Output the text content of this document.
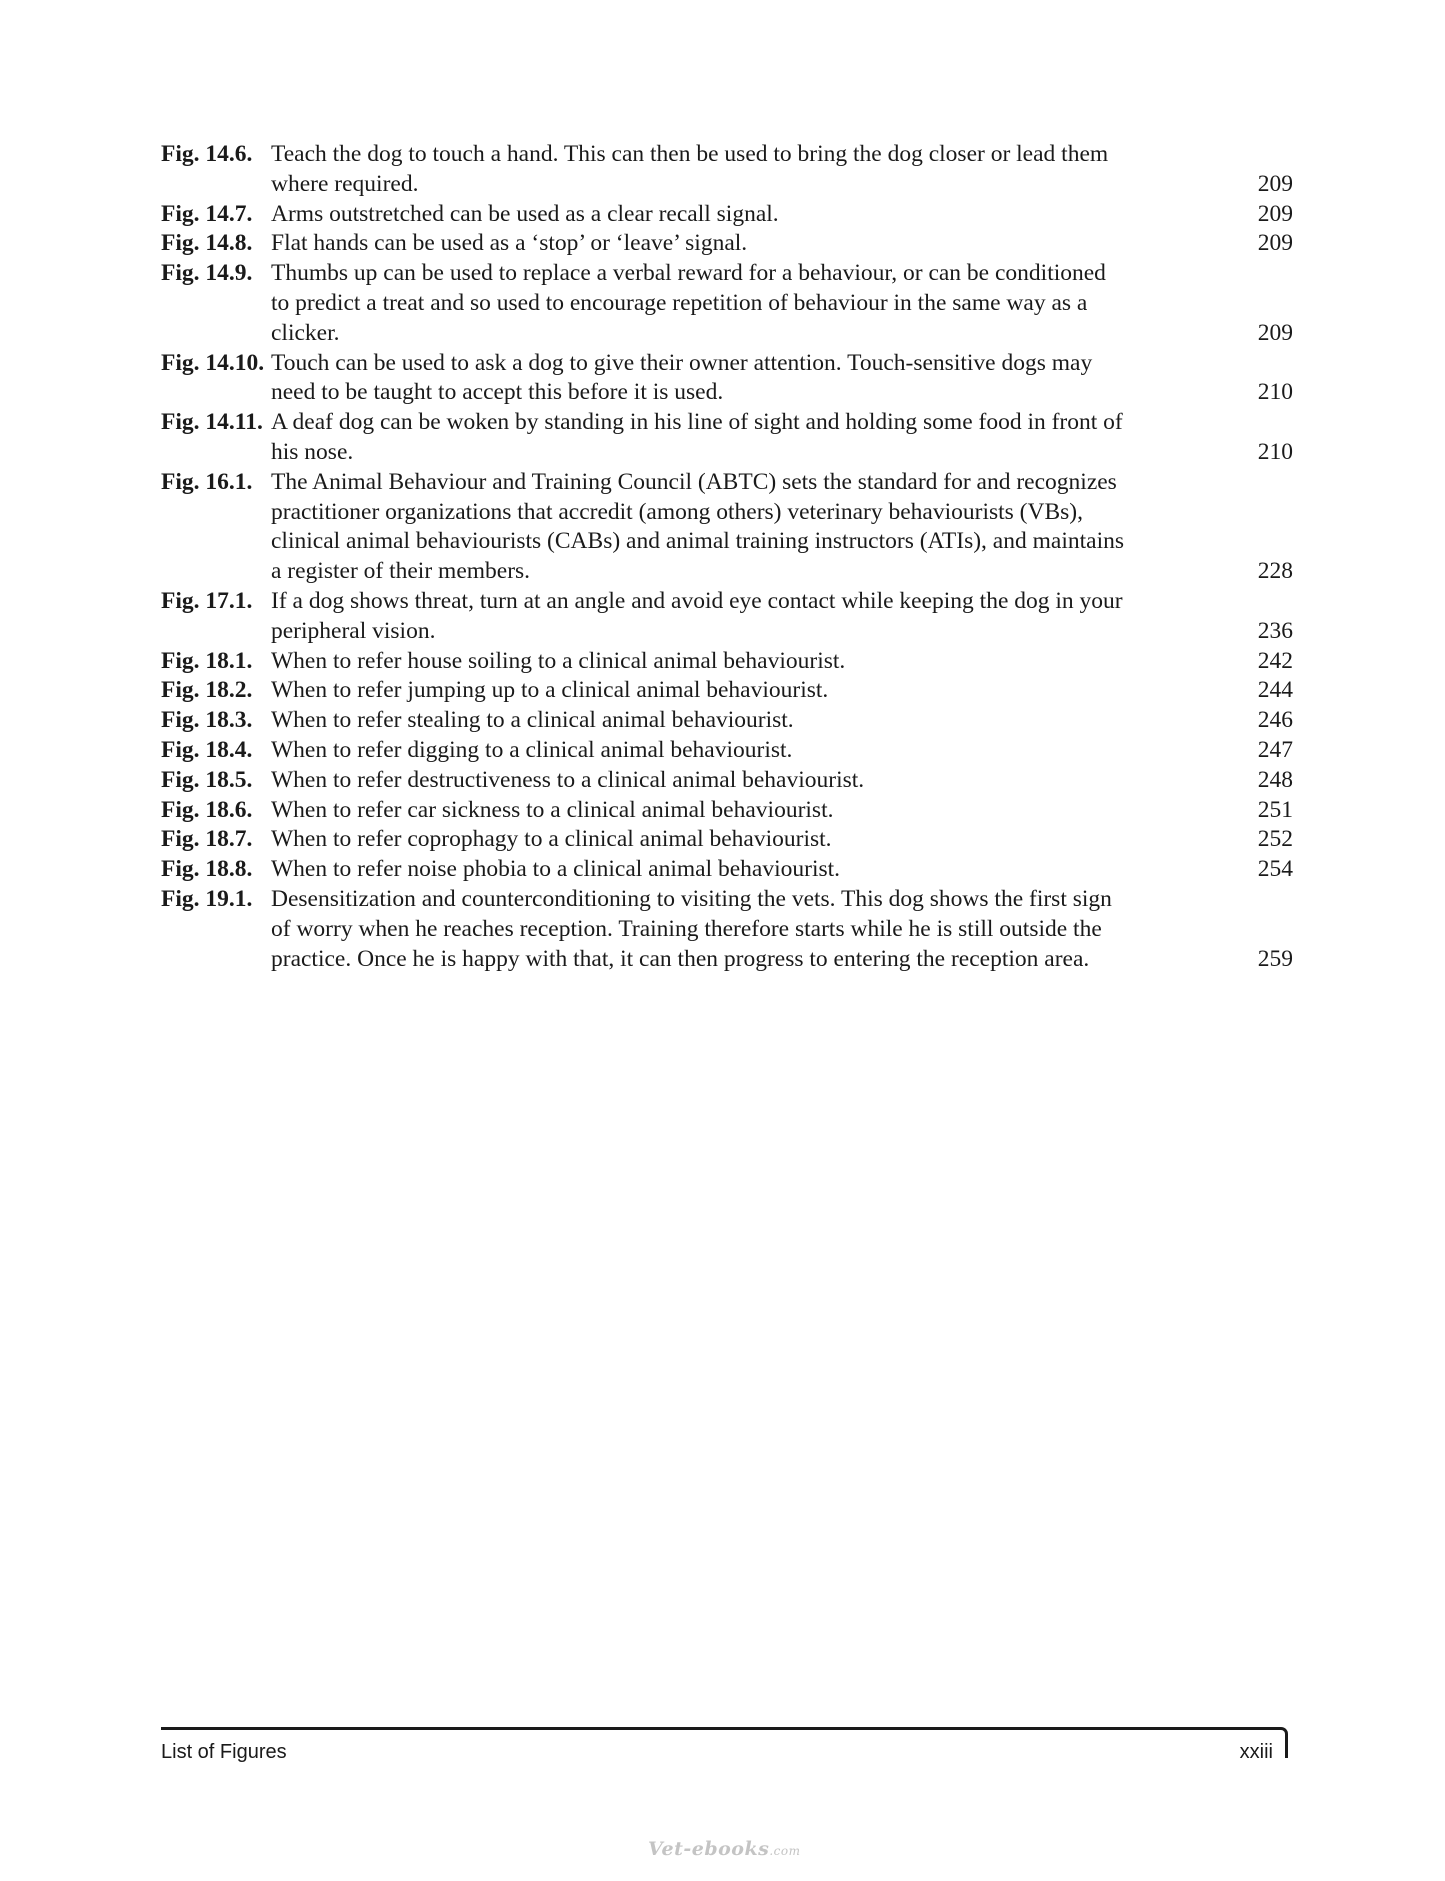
Fig. 14.6. Teach the dog to touch a hand. This can then be used to bring the dog closer or lead them where required.	209
Fig. 14.7. Arms outstretched can be used as a clear recall signal.	209
Fig. 14.8. Flat hands can be used as a ‘stop’ or ‘leave’ signal.	209
Fig. 14.9. Thumbs up can be used to replace a verbal reward for a behaviour, or can be conditioned to predict a treat and so used to encourage repetition of behaviour in the same way as a clicker.	209
Fig. 14.10. Touch can be used to ask a dog to give their owner attention. Touch-sensitive dogs may need to be taught to accept this before it is used.	210
Fig. 14.11. A deaf dog can be woken by standing in his line of sight and holding some food in front of his nose.	210
Fig. 16.1. The Animal Behaviour and Training Council (ABTC) sets the standard for and recognizes practitioner organizations that accredit (among others) veterinary behaviourists (VBs), clinical animal behaviourists (CABs) and animal training instructors (ATIs), and maintains a register of their members.	228
Fig. 17.1. If a dog shows threat, turn at an angle and avoid eye contact while keeping the dog in your peripheral vision.	236
Fig. 18.1. When to refer house soiling to a clinical animal behaviourist.	242
Fig. 18.2. When to refer jumping up to a clinical animal behaviourist.	244
Fig. 18.3. When to refer stealing to a clinical animal behaviourist.	246
Fig. 18.4. When to refer digging to a clinical animal behaviourist.	247
Fig. 18.5. When to refer destructiveness to a clinical animal behaviourist.	248
Fig. 18.6. When to refer car sickness to a clinical animal behaviourist.	251
Fig. 18.7. When to refer coprophagy to a clinical animal behaviourist.	252
Fig. 18.8. When to refer noise phobia to a clinical animal behaviourist.	254
Fig. 19.1. Desensitization and counterconditioning to visiting the vets. This dog shows the first sign of worry when he reaches reception. Training therefore starts while he is still outside the practice. Once he is happy with that, it can then progress to entering the reception area.	259
List of Figures	xxiii
Vet-ebooks.com
